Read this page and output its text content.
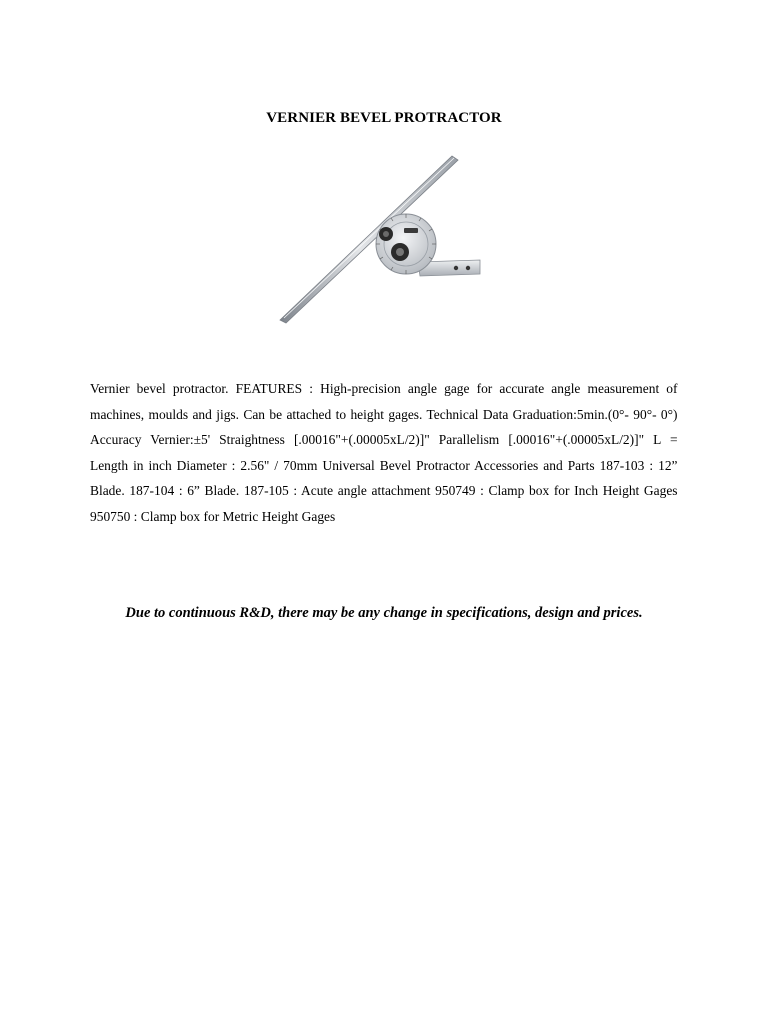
VERNIER BEVEL PROTRACTOR
Vernier bevel protractor. FEATURES : High-precision angle gage for accurate angle measurement of machines, moulds and jigs. Can be attached to height gages. Technical Data Graduation:5min.(0°- 90°- 0°) Accuracy Vernier:±5' Straightness [.00016"+(.00005xL/2)]" Parallelism [.00016"+(.00005xL/2)]" L = Length in inch Diameter : 2.56" / 70mm Universal Bevel Protractor Accessories and Parts 187-103 : 12” Blade. 187-104 : 6” Blade. 187-105 : Acute angle attachment 950749 : Clamp box for Inch Height Gages 950750 : Clamp box for Metric Height Gages
Due to continuous R&D, there may be any change in specifications, design and prices.
